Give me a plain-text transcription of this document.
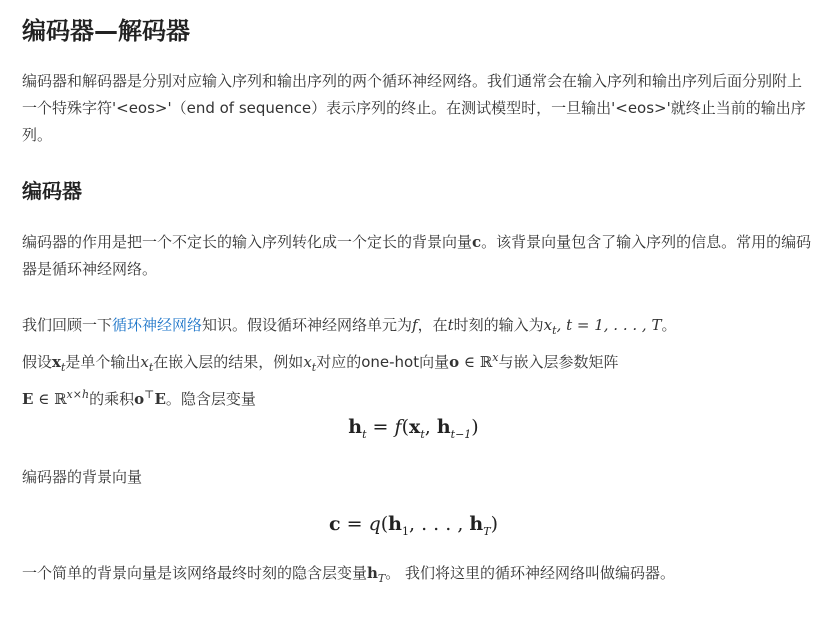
编码器—解码器

编码器和解码器是分别对应输入序列和输出序列的两个循环神经网络。我们通常会在输入序列和输出序列后面分别附上一个特殊字符'<eos>'（end of sequence）表示序列的终止。在测试模型时，一旦输出'<eos>'就终止当前的输出序列。

编码器

编码器的作用是把一个不定长的输入序列转化成一个定长的背景向量c。该背景向量包含了输入序列的信息。常用的编码器是循环神经网络。

我们回顾一下循环神经网络知识。假设循环神经网络单元为f，在t时刻的输入为$x_t$, t = 1, . . . , T。
假设$x_t$是单个输出$x_t$在嵌入层的结果，例如$x_t$对应的one-hot向量o ∈ ℝ$^x$与嵌入层参数矩阵
E ∈ ℝ$^{x\times h}$的乘积o⊤E。隐含层变量

$h_t = f(x_t$, $h_{t-1}$)

编码器的背景向量

$c = q(h_1$, . . . , $h_T$)

一个简单的背景向量是该网络最终时刻的隐含层变量$h_T$。 我们将这里的循环神经网络叫做编码器。
